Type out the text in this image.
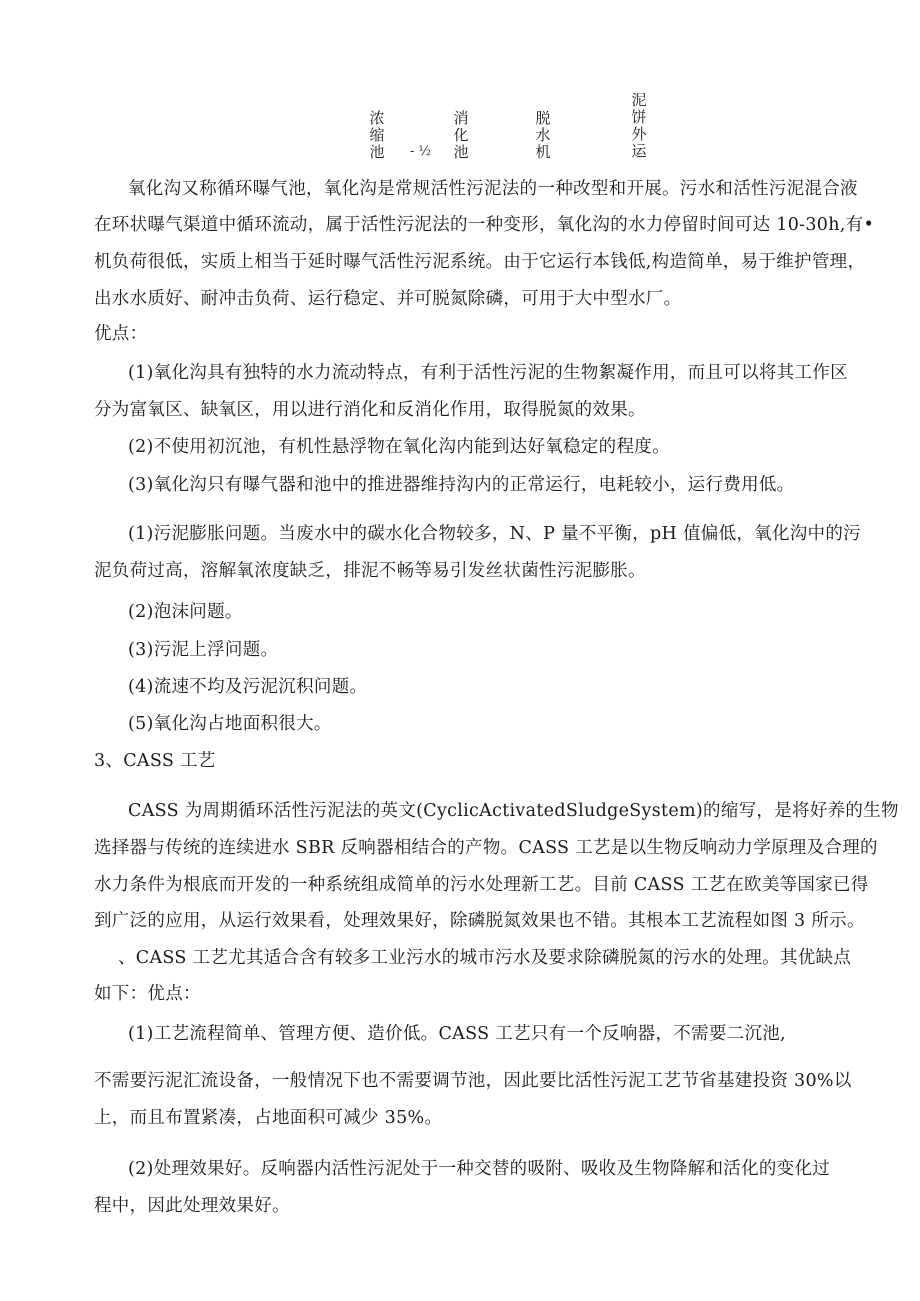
浓
缩
池 - ½
消
化
池
脱
水
机
泥
饼
外
运
氧化沟又称循环曝气池，氧化沟是常规活性污泥法的一种改型和开展。污水和活性污泥混合液
在环状曝气渠道中循环流动，属于活性污泥法的一种变形，氧化沟的水力停留时间可达 10-30h,有•
机负荷很低，实质上相当于延时曝气活性污泥系统。由于它运行本钱低,构造简单，易于维护管理，
出水水质好、耐冲击负荷、运行稳定、并可脱氮除磷，可用于大中型水厂。
优点：
(1)氧化沟具有独特的水力流动特点，有利于活性污泥的生物絮凝作用，而且可以将其工作区
分为富氧区、缺氧区，用以进行消化和反消化作用，取得脱氮的效果。
(2)不使用初沉池，有机性悬浮物在氧化沟内能到达好氧稳定的程度。
(3)氧化沟只有曝气器和池中的推进器维持沟内的正常运行，电耗较小，运行费用低。
(1)污泥膨胀问题。当废水中的碳水化合物较多，N、P 量不平衡，pH 值偏低，氧化沟中的污
泥负荷过高，溶解氧浓度缺乏，排泥不畅等易引发丝状菌性污泥膨胀。
(2)泡沫问题。
(3)污泥上浮问题。
(4)流速不均及污泥沉积问题。
(5)氧化沟占地面积很大。
3、CASS 工艺
CASS 为周期循环活性污泥法的英文(CyclicActivatedSludgeSystem)的缩写，是将好养的生物
选择器与传统的连续进水 SBR 反响器相结合的产物。CASS 工艺是以生物反响动力学原理及合理的
水力条件为根底而开发的一种系统组成简单的污水处理新工艺。目前 CASS 工艺在欧美等国家已得
到广泛的应用，从运行效果看，处理效果好，除磷脱氮效果也不错。其根本工艺流程如图 3 所示。
、CASS 工艺尤其适合含有较多工业污水的城市污水及要求除磷脱氮的污水的处理。其优缺点
如下：优点：
(1)工艺流程简单、管理方便、造价低。CASS 工艺只有一个反响器，不需要二沉池,
不需要污泥汇流设备，一般情况下也不需要调节池，因此要比活性污泥工艺节省基建投资 30%以
上，而且布置紧凑，占地面积可减少 35%。
(2)处理效果好。反响器内活性污泥处于一种交替的吸附、吸收及生物降解和活化的变化过
程中，因此处理效果好。
